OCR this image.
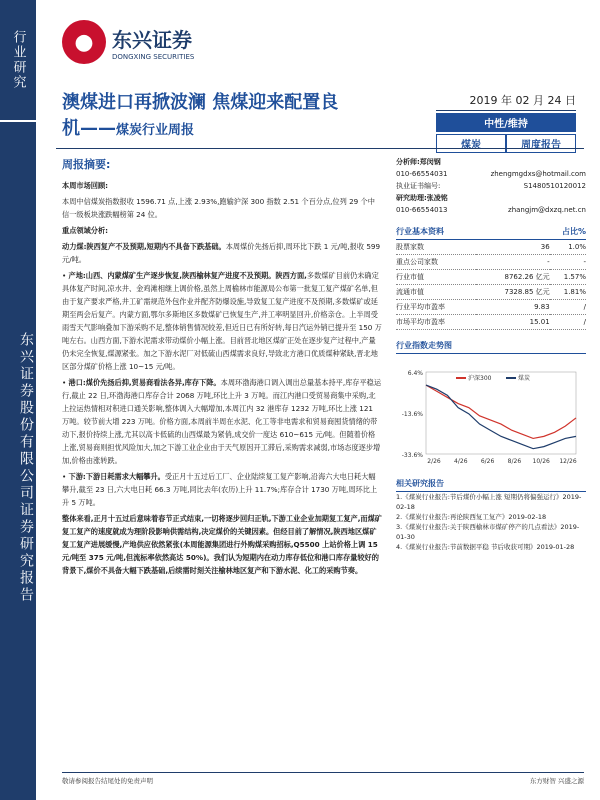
行业研究
东兴证券股份有限公司证券研究报告
● 东兴证券
DONGXING SECURITIES
澳煤进口再掀波澜 焦煤迎来配置良
机——煤炭行业周报
2019 年 02 月 24 日
中性/维持
煤炭	周度报告
周报摘要:

本周市场回顾:

本周中信煤炭指数报收 1596.71 点,上涨 2.93%,跑输沪深 300 指数 2.51 个百分点,位列 29 个中信一级板块涨跌幅榜第 24 位。

重点领域分析:

动力煤:陕西复产不及预期,短期内不具备下跌基础。本周煤价先扬后抑,周环比下跌 1 元/吨,报收 599 元/吨。

• 产地:山西、内蒙煤矿生产逐步恢复,陕西榆林复产进度不及预期。陕西方面,多数煤矿目前仍未确定具体复产时间,凉水井、金鸡滩相继上调价格,虽然上周榆林市能源局公布第一批复工复产煤矿名单,但由于复产要求严格,井工矿需规范外包作业并配齐防爆设施,导致复工复产进度不及预期,多数煤矿或延期至两会后复产。内蒙方面,鄂尔多斯地区多数煤矿已恢复生产,并工率明显回升,价格亲仓。上半周受雨雪天气影响叠加下游采购不足,整体销售情况较差,但近日已有所好转,每日汽运外销已提升至 150 万吨左右。山西方面,下游水泥需求带动煤价小幅上涨。目前晋北地区煤矿正处在逐步复产过程中,产量仍未完全恢复,煤源紧张。加之下游水泥厂对低硫山西煤需求良好,导致北方港口优质煤种紧缺,晋北地区部分煤矿价格上涨 10~15 元/吨。

• 港口:煤价先扬后抑,贸易商看法各异,库存下降。本周环渤海港口调入调出总量基本持平,库存平稳运行,截止 22 日,环渤海港口库存合计 2068 万吨,环比上升 3 万吨。而江内港口受贸易商集中采购,北上拉运热情相对积进口通关影响,整体调入大幅增加,本周江内 32 港库存 1232 万吨,环比上涨 121 万吨。较节前大增 223 万吨。价格方面,本周前半周在水泥、化工等非电需求和贸易商囤货情绪的带动下,报价持续上涨,尤其以高卡低硫的山西煤最为紧俏,成交价一度达 610~615 元/吨。但随着价格上涨,贸易商则担忧风险加大,加之下游工业企业由于天气原因开工滞后,采购需求减弱,市场态度逐步增加,价格由涨转跌。

• 下游:下游日耗需求大幅攀升。受正月十五过后工厂、企业陆续复工复产影响,沿海六大电日耗大幅攀升,截至 23 日,六大电日耗 66.3 万吨,同比去年(农历)上升 11.7%;库存合计 1730 万吨,周环比上升 5 万吨。

整体来看,正月十五过后意味着春节正式结束,一切将逐步回归正轨,下游工业企业加期复工复产,而煤矿复工复产的速度就成为理阶段影响供需结构,决定煤价的关键因素。但经目前了解情况,陕西地区煤矿复工复产进展缓慢,产地供应依然紧张(本周能源集团进行外购煤采购招标,Q5500 上站价格上调 15 元/吨至 375 元/吨,但流标率依然高达 50%)。我们认为短期内在动力库存低位和港口库存量较好的背景下,煤价不具备大幅下跌基础,后续需时刻关注榆林地区复产和下游水泥、化工的采购节奏。

分析师:郑闵钢
010-66554031	zhengmgdxs@hotmail.com
执业证书编号:	S1480510120012
研究助理:张凌铭
010-66554013	zhangjm@dxzq.net.cn
行业基本资料	占比%
股票家数	36	1.0%
重点公司家数	-	-
行业市值	8762.26 亿元	1.57%
流通市值	7328.85 亿元	1.81%
行业平均市盈率	9.83	/
市场平均市盈率	15.01	/
行业指数走势图
6.4%
-13.6%
-33.6%
2/26 4/26 6/26 8/26 10/26 12/26
沪深300	煤炭
相关研究报告
1.《煤炭行业报告:节后煤价小幅上涨 短期仍将偏强运行》2019-02-18
2.《煤炭行业报告:再论陕西复工复产》2019-02-18
3.《煤炭行业报告:关于陕西榆林市煤矿停产的几点看法》2019-01-30
4.《煤炭行业报告:节前数据平稳 节后收获可期》2019-01-28
敬请参阅报告结尾处的免责声明	东方财智 兴盛之源
